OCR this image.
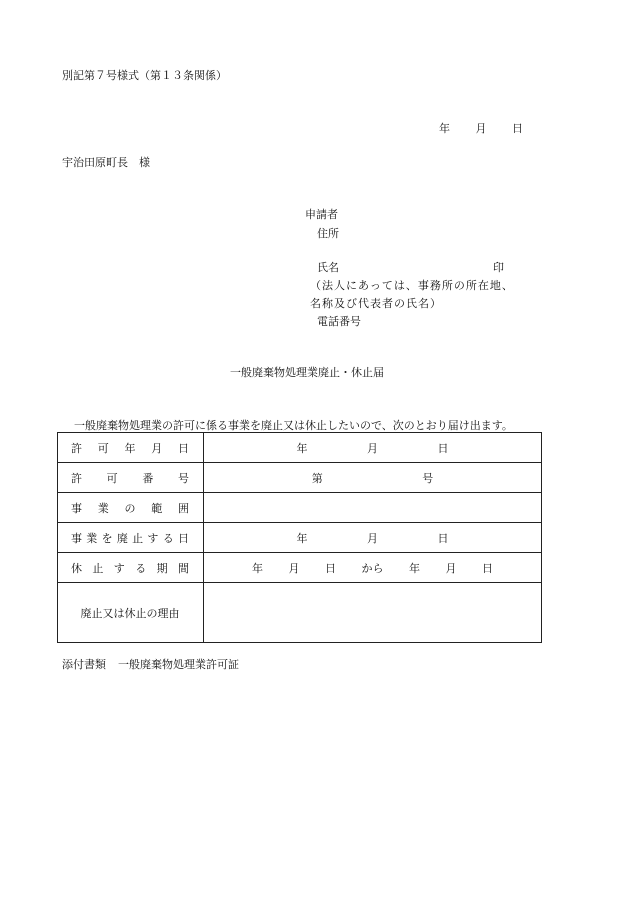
別記第７号様式（第１３条関係）
年 月 日
宇治田原町長　様
申請者
住所
氏名	印
（法人にあっては、事務所の所在地、
名称及び代表者の氏名）
電話番号
一般廃棄物処理業廃止・休止届
一般廃棄物処理業の許可に係る事業を廃止又は休止したいので、次のとおり届け出ます。
許可年月日	年 月 日
許可番号	第 号
事業の範囲	
事業を廃止する日	年 月 日
休止する期間	年 月 日 から 年 月 日
廃止又は休止の理由	
添付書類 一般廃棄物処理業許可証
